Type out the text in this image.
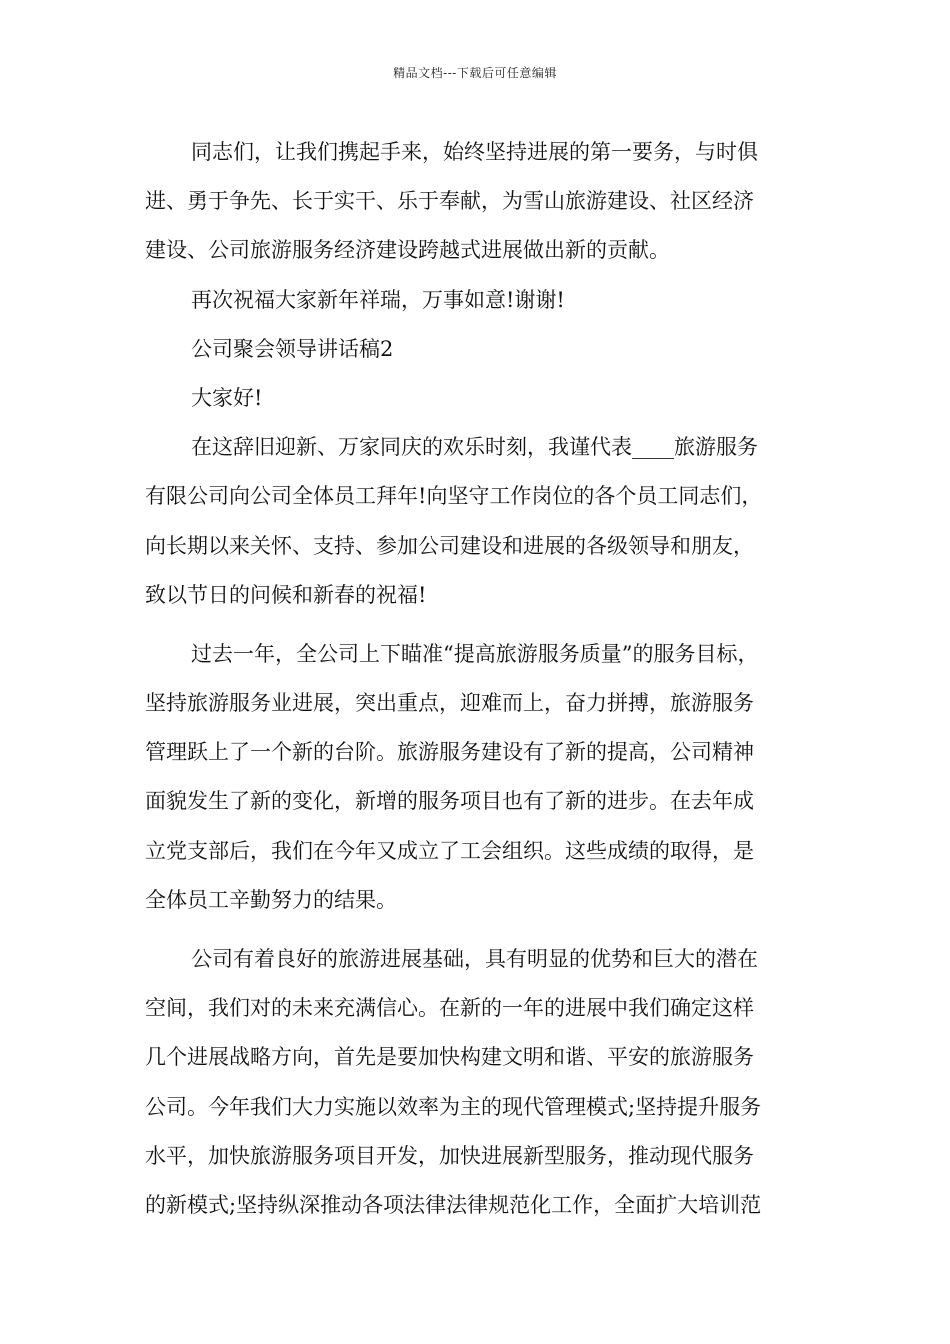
精品文档---下载后可任意编辑
同志们，让我们携起手来，始终坚持进展的第一要务，与时俱
进、勇于争先、长于实干、乐于奉献，为雪山旅游建设、社区经济
建设、公司旅游服务经济建设跨越式进展做出新的贡献。
再次祝福大家新年祥瑞，万事如意!谢谢!
公司聚会领导讲话稿2
大家好!
在这辞旧迎新、万家同庆的欢乐时刻，我谨代表____旅游服务
有限公司向公司全体员工拜年!向坚守工作岗位的各个员工同志们，
向长期以来关怀、支持、参加公司建设和进展的各级领导和朋友，
致以节日的问候和新春的祝福!
过去一年，全公司上下瞄准“提高旅游服务质量”的服务目标，
坚持旅游服务业进展，突出重点，迎难而上，奋力拼搏，旅游服务
管理跃上了一个新的台阶。旅游服务建设有了新的提高，公司精神
面貌发生了新的变化，新增的服务项目也有了新的进步。在去年成
立党支部后，我们在今年又成立了工会组织。这些成绩的取得，是
全体员工辛勤努力的结果。
公司有着良好的旅游进展基础，具有明显的优势和巨大的潜在
空间，我们对的未来充满信心。在新的一年的进展中我们确定这样
几个进展战略方向，首先是要加快构建文明和谐、平安的旅游服务
公司。今年我们大力实施以效率为主的现代管理模式;坚持提升服务
水平，加快旅游服务项目开发，加快进展新型服务，推动现代服务
的新模式;坚持纵深推动各项法律法律规范化工作，全面扩大培训范
